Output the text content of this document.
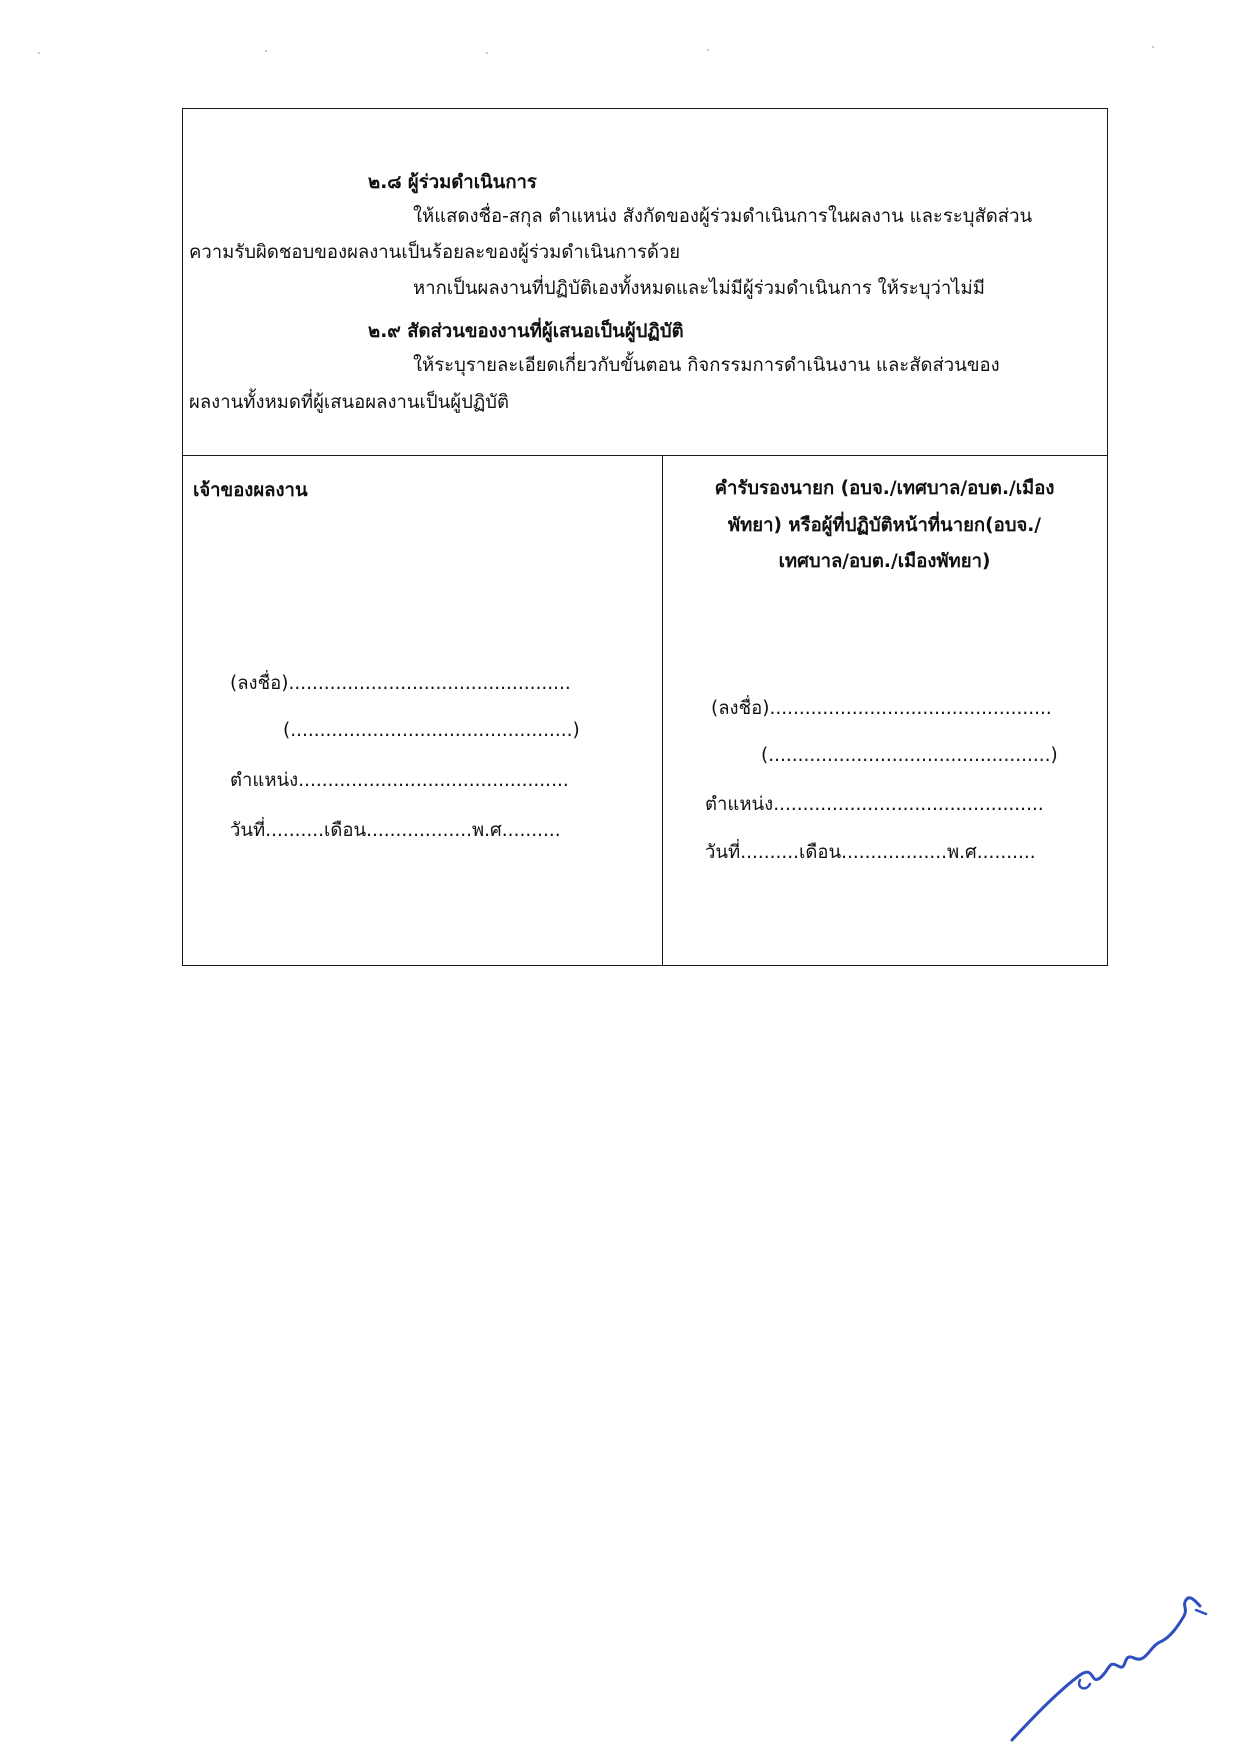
๒.๘ ผู้ร่วมดำเนินการ
ให้แสดงชื่อ-สกุล ตำแหน่ง สังกัดของผู้ร่วมดำเนินการในผลงาน และระบุสัดส่วน
ความรับผิดชอบของผลงานเป็นร้อยละของผู้ร่วมดำเนินการด้วย
หากเป็นผลงานที่ปฏิบัติเองทั้งหมดและไม่มีผู้ร่วมดำเนินการ ให้ระบุว่าไม่มี
๒.๙ สัดส่วนของงานที่ผู้เสนอเป็นผู้ปฏิบัติ
ให้ระบุรายละเอียดเกี่ยวกับขั้นตอน กิจกรรมการดำเนินงาน และสัดส่วนของ
ผลงานทั้งหมดที่ผู้เสนอผลงานเป็นผู้ปฏิบัติ
เจ้าของผลงาน
(ลงชื่อ)................................................
(................................................)
ตำแหน่ง..............................................
วันที่..........เดือน..................พ.ศ..........
คำรับรองนายก (อบจ./เทศบาล/อบต./เมือง
พัทยา) หรือผู้ที่ปฏิบัติหน้าที่นายก(อบจ./
เทศบาล/อบต./เมืองพัทยา)
(ลงชื่อ)................................................
(................................................)
ตำแหน่ง..............................................
วันที่..........เดือน..................พ.ศ..........
